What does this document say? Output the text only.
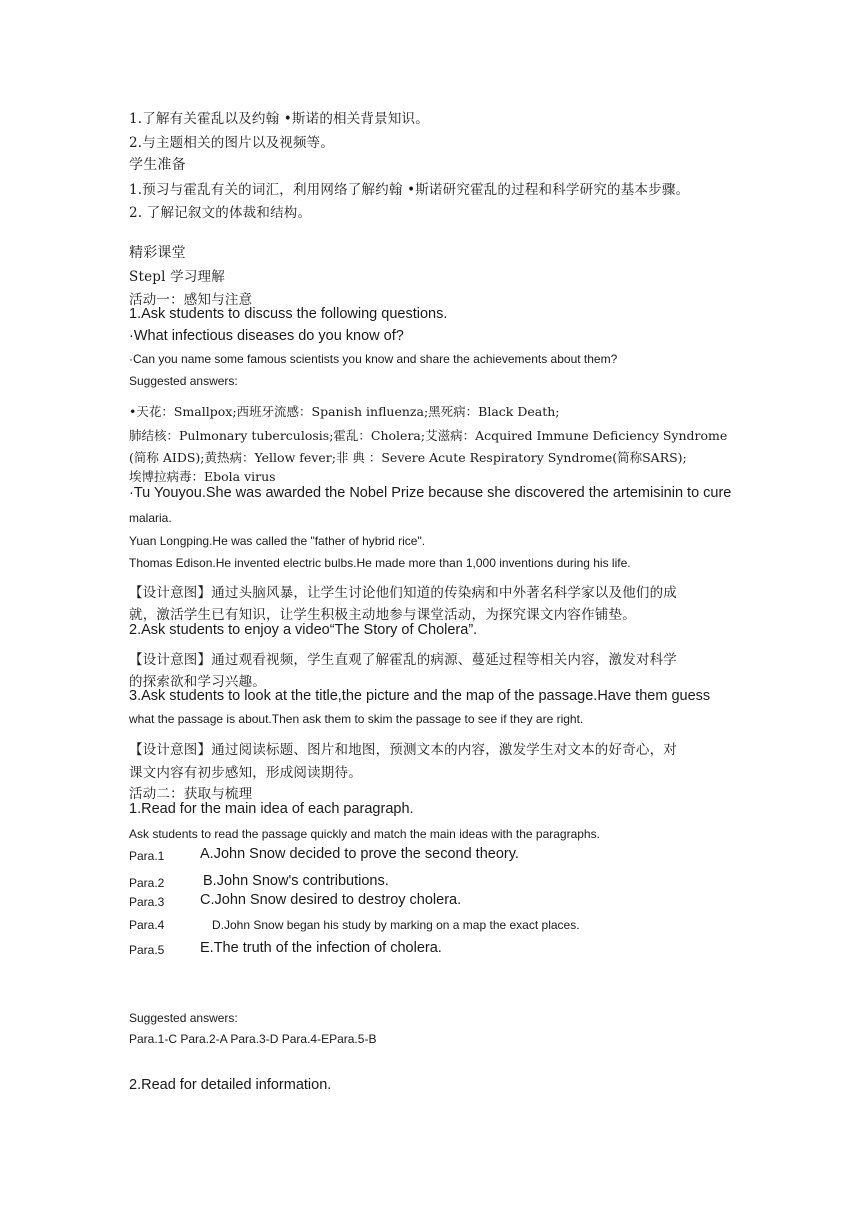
1.了解有关霍乱以及约翰 •斯诺的相关背景知识。
2.与主题相关的图片以及视频等。
学生准备
1.预习与霍乱有关的词汇，利用网络了解约翰 •斯诺研究霍乱的过程和科学研究的基本步骤。
2. 了解记叙文的体裁和结构。
精彩课堂
Stepl 学习理解
活动一：感知与注意
1.Ask students to discuss the following questions.
·What infectious diseases do you know of?
·Can you name some famous scientists you know and share the achievements about them?
Suggested answers:
•天花：Smallpox;西班牙流感：Spanish influenza;黑死病：Black Death;
肺结核：Pulmonary tuberculosis;霍乱：Cholera;艾滋病：Acquired Immune Deficiency Syndrome
(简称 AIDS);黄热病：Yellow fever;非 典 ：Severe Acute Respiratory Syndrome(简称SARS);
埃博拉病毒：Ebola virus
·Tu Youyou.She was awarded the Nobel Prize because she discovered the artemisinin to cure
malaria.
Yuan Longping.He was called the "father of hybrid rice".
Thomas Edison.He invented electric bulbs.He made more than 1,000 inventions during his life.
【设计意图】通过头脑风暴，让学生讨论他们知道的传染病和中外著名科学家以及他们的成
就，激活学生已有知识，让学生积极主动地参与课堂活动，为探究课文内容作铺垫。
2.Ask students to enjoy a video“The Story of Cholera”.
【设计意图】通过观看视频，学生直观了解霍乱的病源、蔓延过程等相关内容，激发对科学
的探索欲和学习兴趣。
3.Ask students to look at the title,the picture and the map of the passage.Have them guess
what the passage is about.Then ask them to skim the passage to see if they are right.
【设计意图】通过阅读标题、图片和地图，预测文本的内容，激发学生对文本的好奇心，对
课文内容有初步感知，形成阅读期待。
活动二：获取与梳理
1.Read for the main idea of each paragraph.
Ask students to read the passage quickly and match the main ideas with the paragraphs.
Para.1 A.John Snow decided to prove the second theory.
Para.2	B.John Snow's contributions.
Para.3 C.John Snow desired to destroy cholera.
Para.4	D.John Snow began his study by marking on a map the exact places.
Para.5 E.The truth of the infection of cholera.
Suggested answers:
Para.1-C Para.2-A Para.3-D Para.4-EPara.5-B
2.Read for detailed information.
